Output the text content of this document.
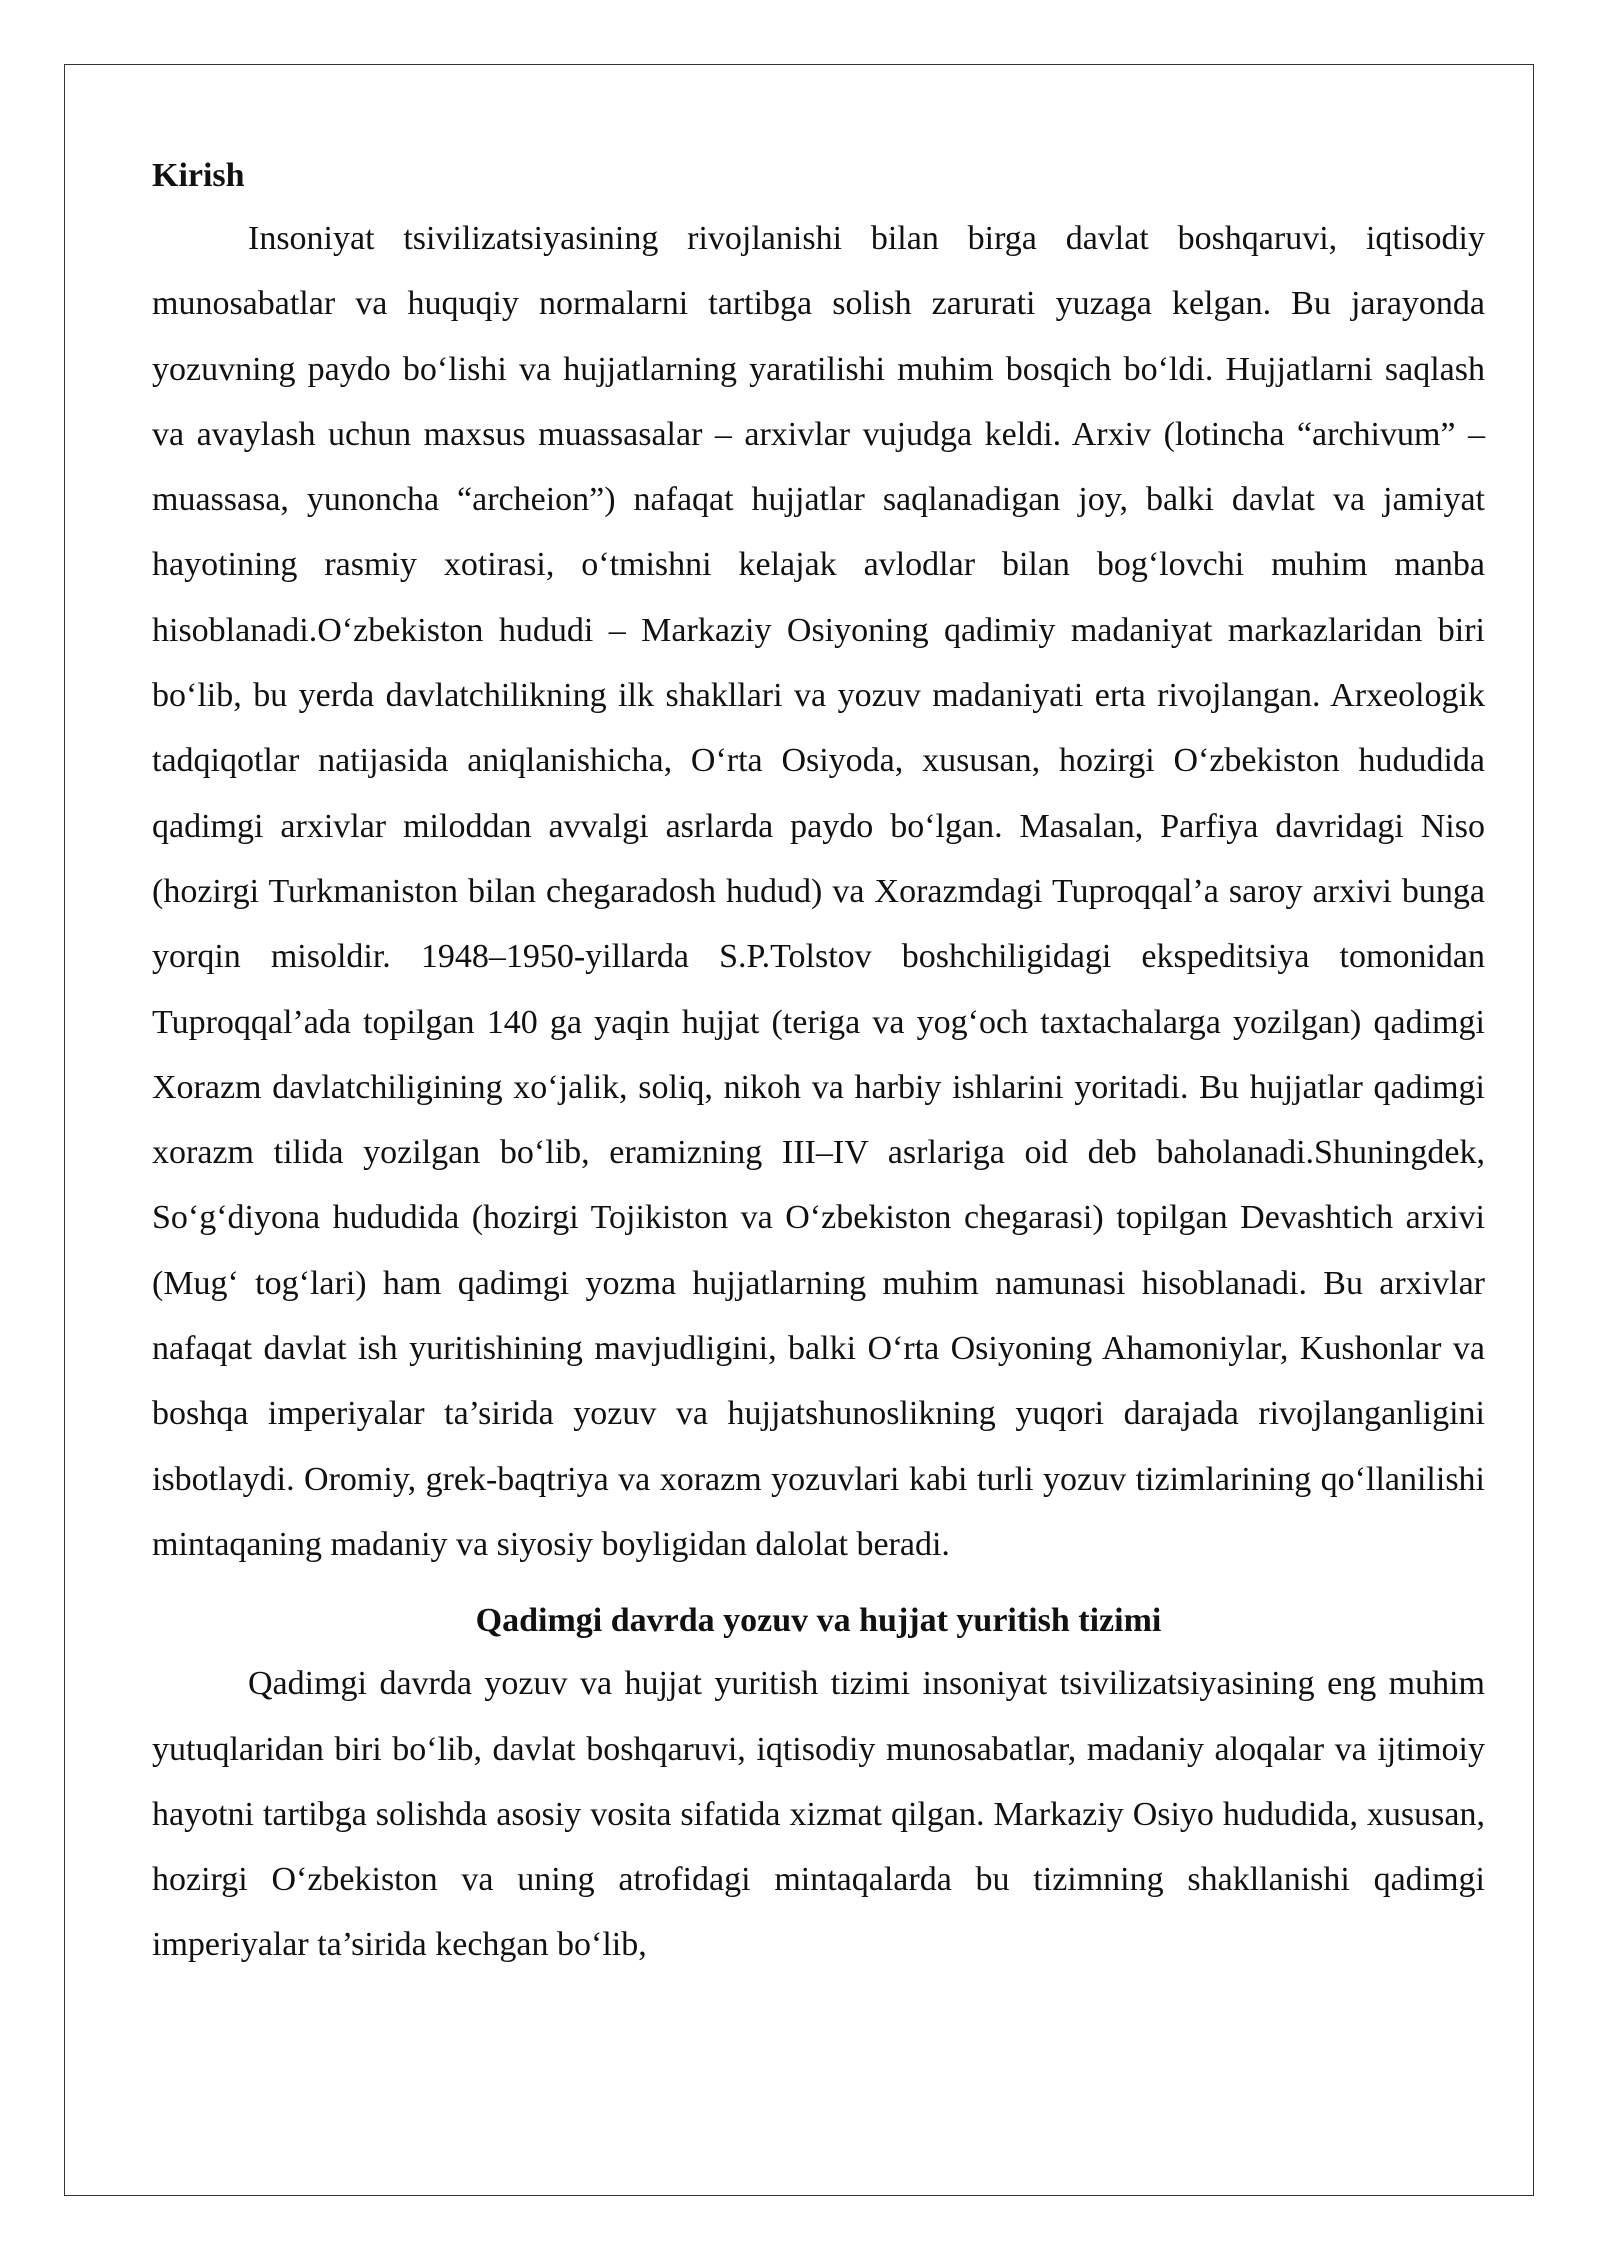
Kirish

Insoniyat tsivilizatsiyasining rivojlanishi bilan birga davlat boshqaruvi, iqtisodiy munosabatlar va huquqiy normalarni tartibga solish zarurati yuzaga kelgan. Bu jarayonda yozuvning paydo boʻlishi va hujjatlarning yaratilishi muhim bosqich boʻldi. Hujjatlarni saqlash va avaylash uchun maxsus muassasalar – arxivlar vujudga keldi. Arxiv (lotincha “archivum” – muassasa, yunoncha “archeion”) nafaqat hujjatlar saqlanadigan joy, balki davlat va jamiyat hayotining rasmiy xotirasi, oʻtmishni kelajak avlodlar bilan bogʻlovchi muhim manba hisoblanadi.Oʻzbekiston hududi – Markaziy Osiyoning qadimiy madaniyat markazlaridan biri boʻlib, bu yerda davlatchilikning ilk shakllari va yozuv madaniyati erta rivojlangan. Arxeologik tadqiqotlar natijasida aniqlanishicha, Oʻrta Osiyoda, xususan, hozirgi Oʻzbekiston hududida qadimgi arxivlar miloddan avvalgi asrlarda paydo boʻlgan. Masalan, Parfiya davridagi Niso (hozirgi Turkmaniston bilan chegaradosh hudud) va Xorazmdagi Tuproqqal’a saroy arxivi bunga yorqin misoldir. 1948–1950-yillarda S.P.Tolstov boshchiligidagi ekspeditsiya tomonidan Tuproqqal’ada topilgan 140 ga yaqin hujjat (teriga va yogʻoch taxtachalarga yozilgan) qadimgi Xorazm davlatchiligining xoʻjalik, soliq, nikoh va harbiy ishlarini yoritadi. Bu hujjatlar qadimgi xorazm tilida yozilgan boʻlib, eramizning III–IV asrlariga oid deb baholanadi.Shuningdek, Soʻgʻdiyona hududida (hozirgi Tojikiston va Oʻzbekiston chegarasi) topilgan Devashtich arxivi (Mugʻ togʻlari) ham qadimgi yozma hujjatlarning muhim namunasi hisoblanadi. Bu arxivlar nafaqat davlat ish yuritishining mavjudligini, balki Oʻrta Osiyoning Ahamoniylar, Kushonlar va boshqa imperiyalar ta’sirida yozuv va hujjatshunoslikning yuqori darajada rivojlanganligini isbotlaydi. Oromiy, grek-baqtriya va xorazm yozuvlari kabi turli yozuv tizimlarining qoʻllanilishi mintaqaning madaniy va siyosiy boyligidan dalolat beradi.

Qadimgi davrda yozuv va hujjat yuritish tizimi

Qadimgi davrda yozuv va hujjat yuritish tizimi insoniyat tsivilizatsiyasining eng muhim yutuqlaridan biri boʻlib, davlat boshqaruvi, iqtisodiy munosabatlar, madaniy aloqalar va ijtimoiy hayotni tartibga solishda asosiy vosita sifatida xizmat qilgan. Markaziy Osiyo hududida, xususan, hozirgi Oʻzbekiston va uning atrofidagi mintaqalarda bu tizimning shakllanishi qadimgi imperiyalar ta’sirida kechgan boʻlib,
